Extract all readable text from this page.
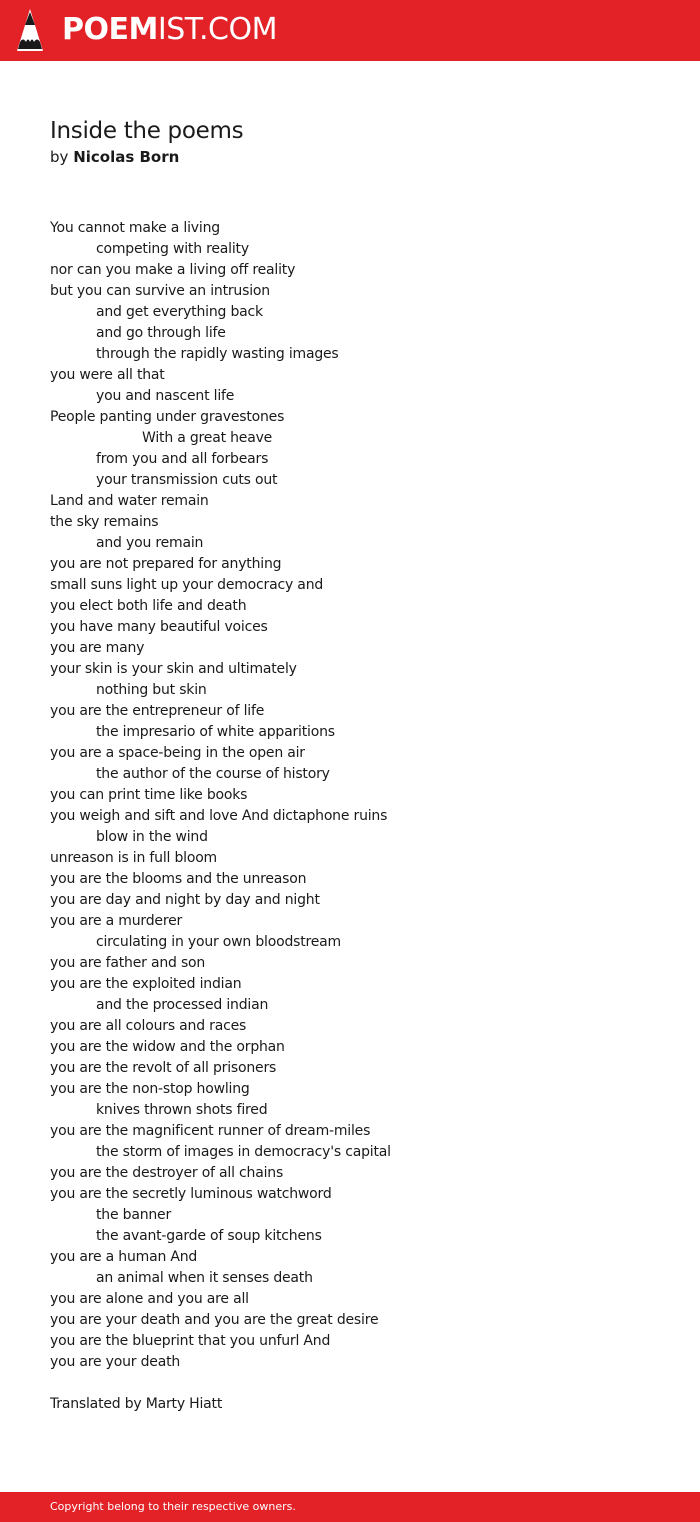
POEMIST.COM
Inside the poems

by Nicolas Born

You cannot make a living
competing with reality
nor can you make a living off reality
but you can survive an intrusion
and get everything back
and go through life
through the rapidly wasting images
you were all that
you and nascent life
People panting under gravestones
With a great heave
from you and all forbears
your transmission cuts out
Land and water remain
the sky remains
and you remain
you are not prepared for anything
small suns light up your democracy and
you elect both life and death
you have many beautiful voices
you are many
your skin is your skin and ultimately
nothing but skin
you are the entrepreneur of life
the impresario of white apparitions
you are a space-being in the open air
the author of the course of history
you can print time like books
you weigh and sift and love And dictaphone ruins
blow in the wind
unreason is in full bloom
you are the blooms and the unreason
you are day and night by day and night
you are a murderer
circulating in your own bloodstream
you are father and son
you are the exploited indian
and the processed indian
you are all colours and races
you are the widow and the orphan
you are the revolt of all prisoners
you are the non-stop howling
knives thrown shots fired
you are the magnificent runner of dream-miles
the storm of images in democracy's capital
you are the destroyer of all chains
you are the secretly luminous watchword
the banner
the avant-garde of soup kitchens
you are a human And
an animal when it senses death
you are alone and you are all
you are your death and you are the great desire
you are the blueprint that you unfurl And
you are your death
Translated by Marty Hiatt
Copyright belong to their respective owners.
